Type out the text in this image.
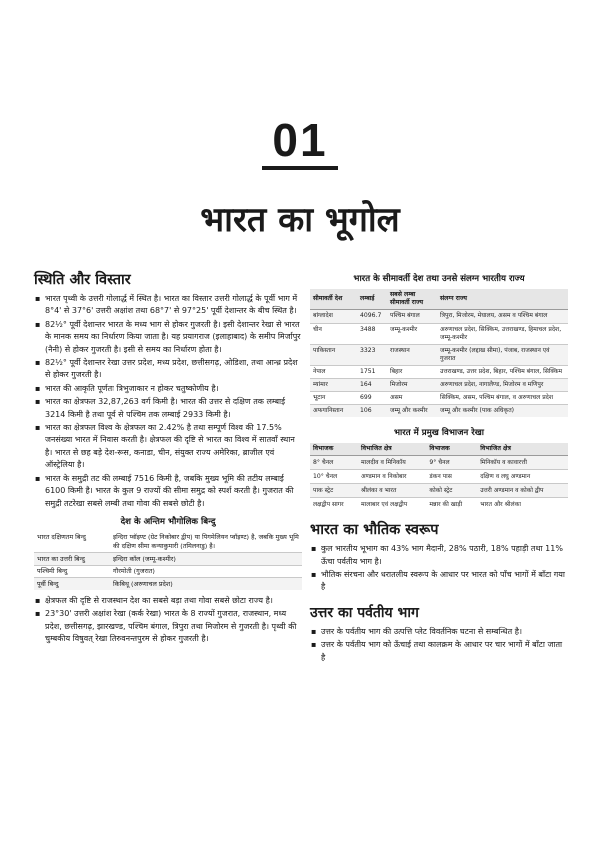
01
भारत का भूगोल
स्थिति और विस्तार
▪ भारत पृथ्वी के उत्तरी गोलार्द्ध में स्थित है। भारत का विस्तार उत्तरी गोलार्द्ध के पूर्वी भाग में 8°4' से 37°6' उत्तरी अक्षांश तथा 68°7' से 97°25' पूर्वी देशान्तर के बीच स्थित है।
▪ 82½° पूर्वी देशान्तर भारत के मध्य भाग से होकर गुजरती है। इसी देशान्तर रेखा से भारत के मानक समय का निर्धारण किया जाता है। यह प्रयागराज (इलाहाबाद) के समीप मिर्जापुर (नैनी) से होकर गुजरती है। इसी से समय का निर्धारण होता है।
▪ 82½° पूर्वी देशान्तर रेखा उत्तर प्रदेश, मध्य प्रदेश, छत्तीसगढ़, ओडिशा, तथा आन्ध्र प्रदेश से होकर गुजरती है।
▪ भारत की आकृति पूर्णतः त्रिभुजाकार न होकर चतुष्कोणीय है।
▪ भारत का क्षेत्रफल 32,87,263 वर्ग किमी है। भारत की उत्तर से दक्षिण तक लम्बाई 3214 किमी है तथा पूर्व से पश्चिम तक लम्बाई 2933 किमी है।
▪ भारत का क्षेत्रफल विश्व के क्षेत्रफल का 2.42% है तथा सम्पूर्ण विश्व की 17.5% जनसंख्या भारत में निवास करती है। क्षेत्रफल की दृष्टि से भारत का विश्व में सातवाँ स्थान है। भारत से छह बड़े देश-रूस, कनाडा, चीन, संयुक्त राज्य अमेरिका, ब्राजील एवं ऑस्ट्रेलिया है।
▪ भारत के समुद्री तट की लम्बाई 7516 किमी है, जबकि मुख्य भूमि की तटीय लम्बाई 6100 किमी है। भारत के कुल 9 राज्यों की सीमा समुद्र को स्पर्श करती है। गुजरात की समुद्री तटरेखा सबसे लम्बी तथा गोवा की सबसे छोटी है।
देश के अन्तिम भौगोलिक बिन्दु
भारत दक्षिणतम बिन्दु	इन्दिरा प्वॉइण्ट (ग्रेट निकोबार द्वीप) या पिगमेलियन प्वॉइण्ट) है, जबकि मुख्य भूमि की दक्षिण सीमा कन्याकुमारी (तमिलनाडु) है।
भारत का उत्तरी बिन्दु	इन्दिरा कॉल (जम्मू-कश्मीर)
पश्चिमी बिन्दु	गौरमोती (गुजरात)
पूर्वी बिन्दु	किबिथू (अरुणाचल प्रदेश)
▪ क्षेत्रफल की दृष्टि से राजस्थान देश का सबसे बड़ा तथा गोवा सबसे छोटा राज्य है।
▪ 23°30' उत्तरी अक्षांश रेखा (कर्क रेखा) भारत के 8 राज्यों गुजरात, राजस्थान, मध्य प्रदेश, छत्तीसगढ़, झारखण्ड, पश्चिम बंगाल, त्रिपुरा तथा मिजोरम से गुजरती है। पृथ्वी की चुम्बकीय विषुवत् रेखा तिरुवनन्तपुरम से होकर गुजरती है।
भारत के सीमावर्ती देश तथा उनसे संलग्न भारतीय राज्य
सीमावर्ती देश	लम्बाई	सबसे लम्बा सीमावर्ती राज्य	संलग्न राज्य
बांग्लादेश	4096.7	पश्चिम बंगाल	त्रिपुरा, मिजोरम, मेघालय, असम व पश्चिम बंगाल
चीन	3488	जम्मू-कश्मीर	अरुणाचल प्रदेश, सिक्किम, उत्तराखण्ड, हिमाचल प्रदेश, जम्मू-कश्मीर
पाकिस्तान	3323	राजस्थान	जम्मू-कश्मीर (लद्दाख सीमा), पंजाब, राजस्थान एवं गुजरात
नेपाल	1751	बिहार	उत्तराखण्ड, उत्तर प्रदेश, बिहार, पश्चिम बंगाल, सिक्किम
म्यांमार	164	मिजोरम	अरुणाचल प्रदेश, नागालैण्ड, मिजोरम व मणिपुर
भूटान	699	असम	सिक्किम, असम, पश्चिम बंगाल, व अरुणाचल प्रदेश
अफगानिस्तान	106	जम्मू और कश्मीर	जम्मू और कश्मीर (पाक अधिकृत)
भारत में प्रमुख विभाजन रेखा
विभाजक	विभाजित क्षेत्र	विभाजक	विभाजित क्षेत्र
8° चैनल	मालदीव व मिनिकॉय	9° चैनल	मिनिकॉय व कावारत्ती
10° चैनल	अण्डमान व निकोबार	डंकन पास	दक्षिण व लघु अण्डमान
पाक स्ट्रेट	श्रीलंका व भारत	कोको स्ट्रेट	उत्तरी अण्डमान व कोको द्वीप
लक्षद्वीप सागर	मालाबार एवं लक्षद्वीप	मन्नार की खाड़ी	भारत और श्रीलंका
भारत का भौतिक स्वरूप
▪ कुल भारतीय भूभाग का 43% भाग मैदानी, 28% पठारी, 18% पहाड़ी तथा 11% ऊँचा पर्वतीय भाग है।
▪ भौतिक संरचना और धरातलीय स्वरूप के आधार पर भारत को पाँच भागों में बाँटा गया है
उत्तर का पर्वतीय भाग
▪ उत्तर के पर्वतीय भाग की उत्पत्ति प्लेट विवर्तनिक घटना से सम्बन्धित है।
▪ उत्तर के पर्वतीय भाग को ऊँचाई तथा कालक्रम के आधार पर चार भागों में बाँटा जाता है
